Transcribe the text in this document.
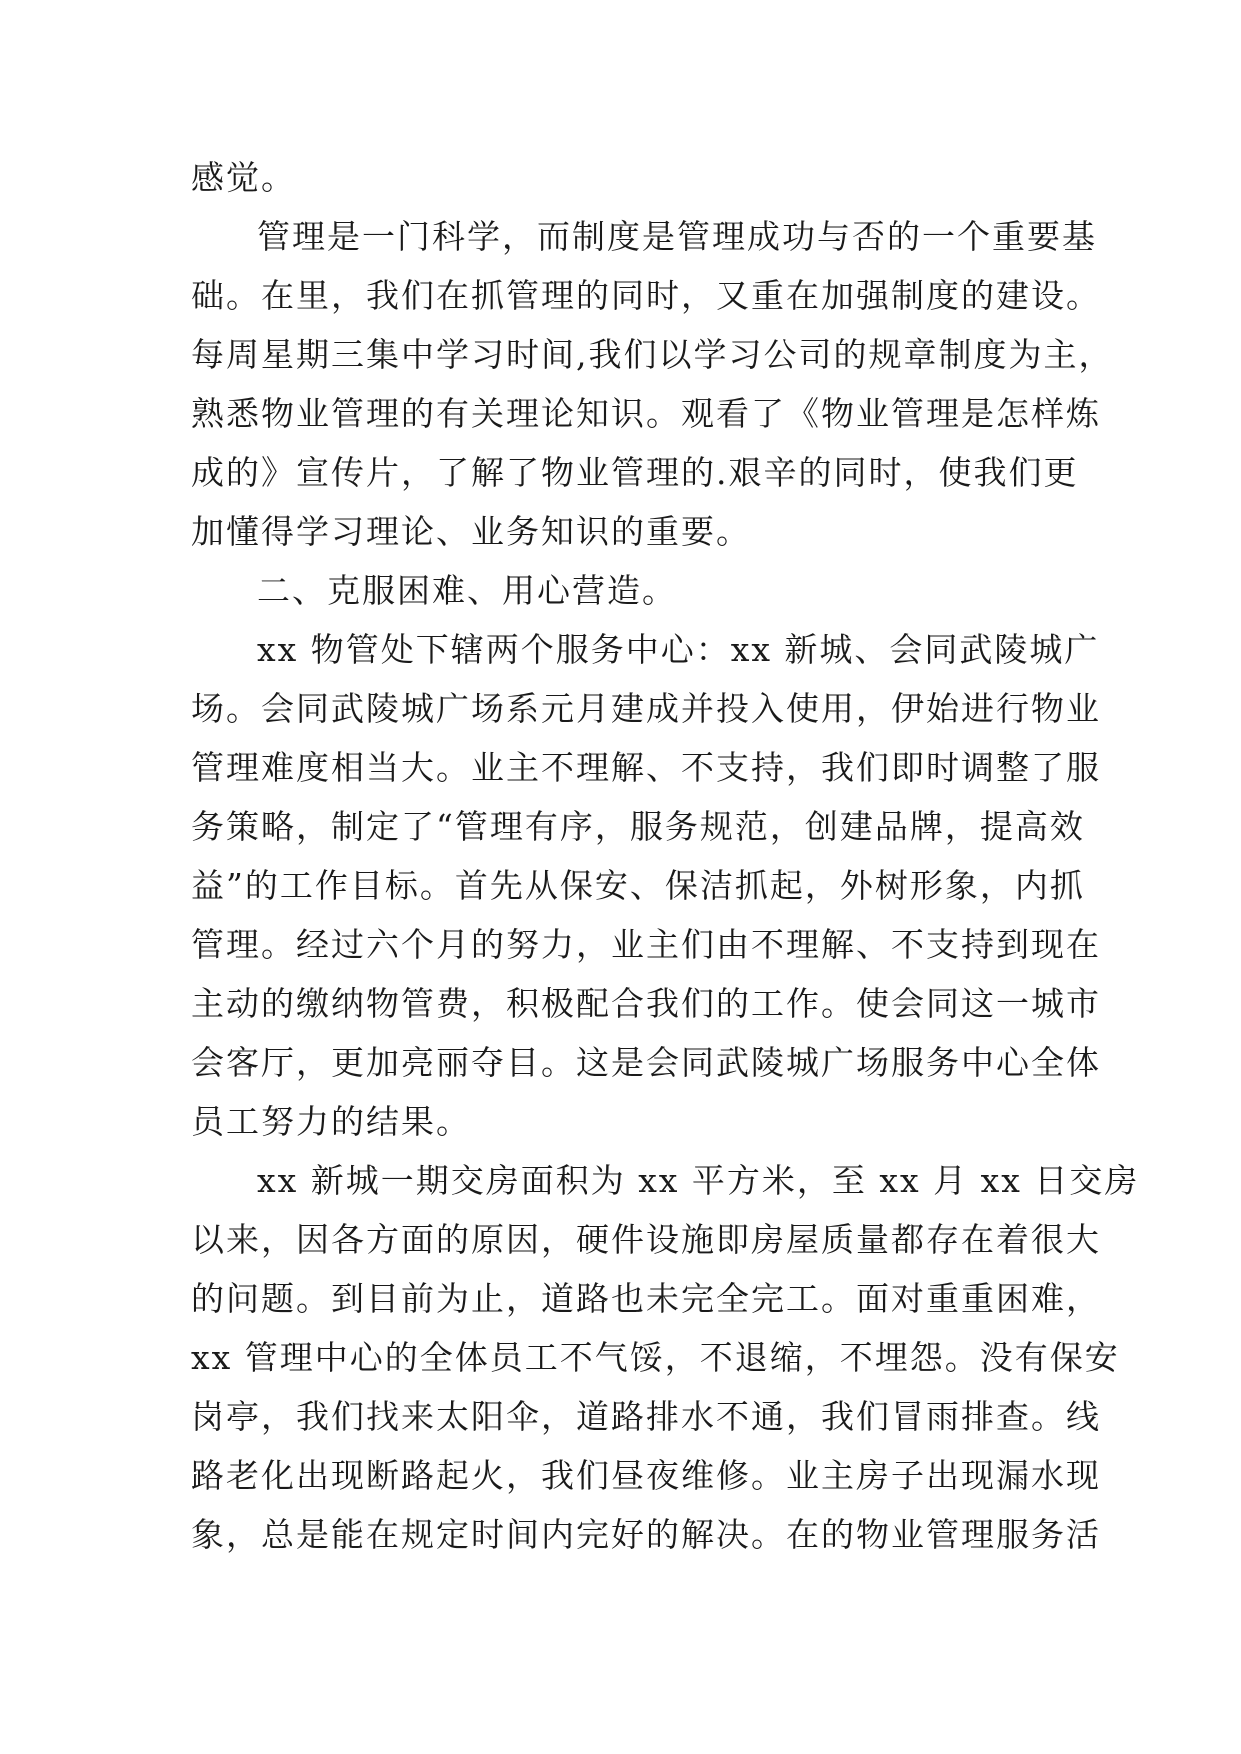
感觉。
管理是一门科学，而制度是管理成功与否的一个重要基
础。在里，我们在抓管理的同时，又重在加强制度的建设。
每周星期三集中学习时间,我们以学习公司的规章制度为主，
熟悉物业管理的有关理论知识。观看了《物业管理是怎样炼
成的》宣传片，了解了物业管理的.艰辛的同时，使我们更
加懂得学习理论、业务知识的重要。
二、克服困难、用心营造。
xx 物管处下辖两个服务中心：xx 新城、会同武陵城广
场。会同武陵城广场系元月建成并投入使用，伊始进行物业
管理难度相当大。业主不理解、不支持，我们即时调整了服
务策略，制定了“管理有序，服务规范，创建品牌，提高效
益”的工作目标。首先从保安、保洁抓起，外树形象，内抓
管理。经过六个月的努力，业主们由不理解、不支持到现在
主动的缴纳物管费，积极配合我们的工作。使会同这一城市
会客厅，更加亮丽夺目。这是会同武陵城广场服务中心全体
员工努力的结果。
xx 新城一期交房面积为 xx 平方米，至 xx 月 xx 日交房
以来，因各方面的原因，硬件设施即房屋质量都存在着很大
的问题。到目前为止，道路也未完全完工。面对重重困难，
xx 管理中心的全体员工不气馁，不退缩，不埋怨。没有保安
岗亭，我们找来太阳伞，道路排水不通，我们冒雨排查。线
路老化出现断路起火，我们昼夜维修。业主房子出现漏水现
象，总是能在规定时间内完好的解决。在的物业管理服务活
